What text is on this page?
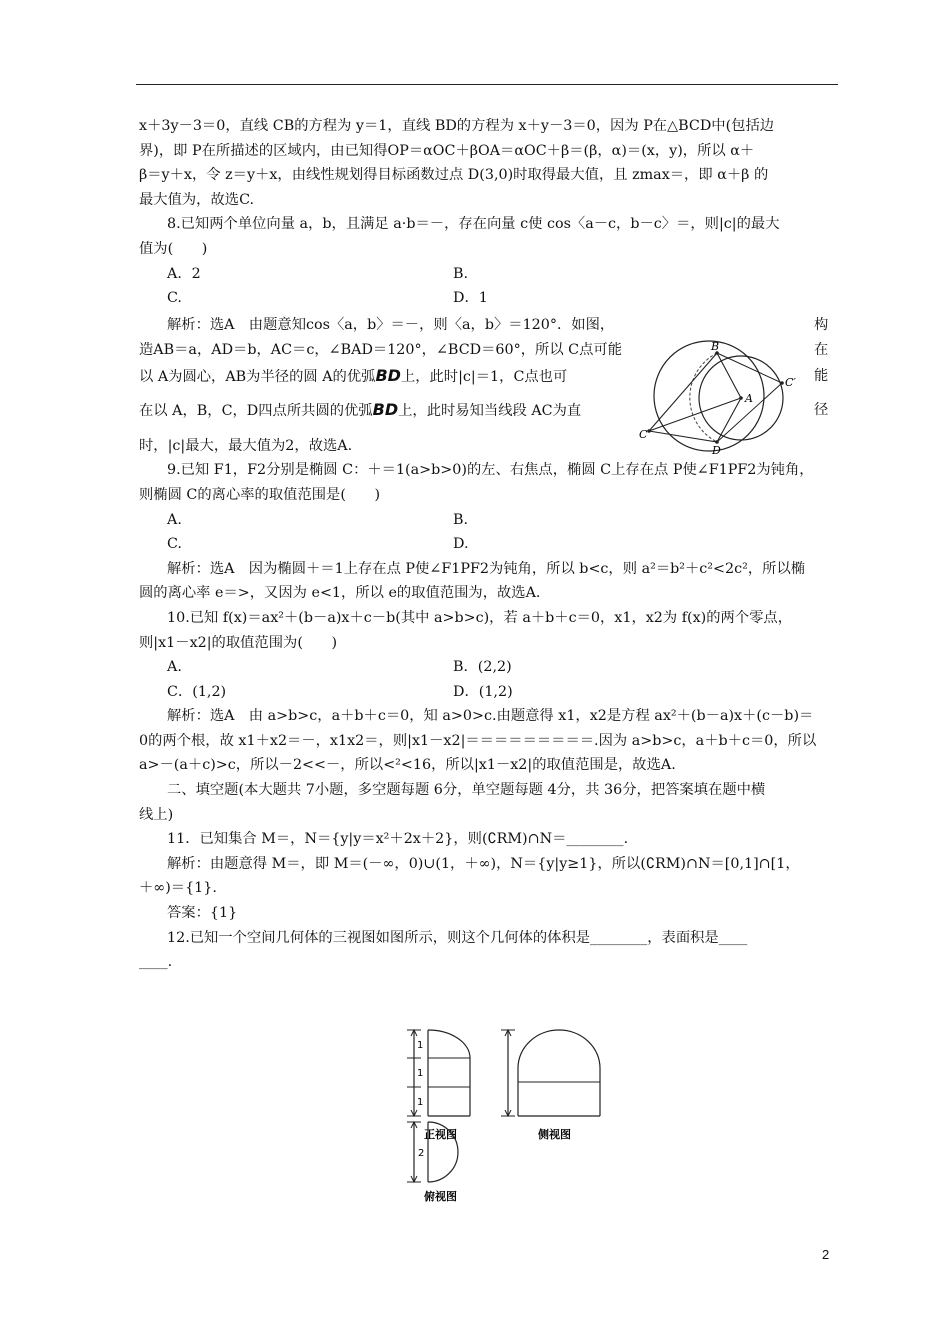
x＋3y－3＝0，直线 CB的方程为 y＝1，直线 BD的方程为 x＋y－3＝0，因为 P在△BCD中(包括边

界)，即 P在所描述的区域内，由已知得OP＝αOC＋βOA＝αOC＋β＝(β，α)＝(x，y)，所以 α＋

β＝y＋x，令 z＝y＋x，由线性规划得目标函数过点 D(3,0)时取得最大值，且 zmax＝，即 α＋β 的

最大值为，故选C.

8.已知两个单位向量 a，b，且满足 a·b＝－，存在向量 c使 cos〈a－c，b－c〉＝，则|c|的最大

值为(　　)

A．2	B.
C.	D．1
解析：选A　由题意知cos〈a，b〉＝－，则〈a，b〉＝120°．如图，	构
造AB＝a，AD＝b，AC＝c，∠BAD＝120°，∠BCD＝60°，所以 C点可能	在
以 A为圆心，AB为半径的圆 A的优弧BD上，此时|c|＝1，C点也可	能
在以 A，B，C，D四点所共圆的优弧BD上，此时易知当线段 AC为直	径

时，|c|最大，最大值为2，故选A.

9.已知 F1，F2分别是椭圆 C：＋＝1(a>b>0)的左、右焦点，椭圆 C上存在点 P使∠F1PF2为钝角，

则椭圆 C的离心率的取值范围是(　　)

A.	B.
C.	D.

解析：选A　因为椭圆＋＝1上存在点 P使∠F1PF2为钝角，所以 b<c，则 a²＝b²＋c²<2c²，所以椭

圆的离心率 e＝>，又因为 e<1，所以 e的取值范围为，故选A.

10.已知 f(x)＝ax²＋(b－a)x＋c－b(其中 a>b>c)，若 a＋b＋c＝0，x1，x2为 f(x)的两个零点，

则|x1－x2|的取值范围为(　　)

A.	B．(2,2)
C．(1,2)	D．(1,2)

解析：选A　由 a>b>c，a＋b＋c＝0，知 a>0>c.由题意得 x1，x2是方程 ax²＋(b－a)x＋(c－b)＝

0的两个根，故 x1＋x2＝－，x1x2＝，则|x1－x2|＝＝＝＝＝＝＝＝＝.因为 a>b>c，a＋b＋c＝0，所以

a>－(a＋c)>c，所以－2<<－，所以<²<16，所以|x1－x2|的取值范围是，故选A.

二、填空题(本大题共 7小题，多空题每题 6分，单空题每题 4分，共 36分，把答案填在题中横

线上)

11．已知集合 M＝，N＝{y|y＝x²＋2x＋2}，则(∁RM)∩N＝________.

解析：由题意得 M＝，即 M＝(－∞，0)∪(1，＋∞)，N＝{y|y≥1}，所以(∁RM)∩N＝[0,1]∩[1，

＋∞)＝{1}.

答案：{1}

12.已知一个空间几何体的三视图如图所示，则这个几何体的体积是________，表面积是____

____.

B
C′
A
C
D
1
1
1
正视图	侧视图
2
俯视图
2
